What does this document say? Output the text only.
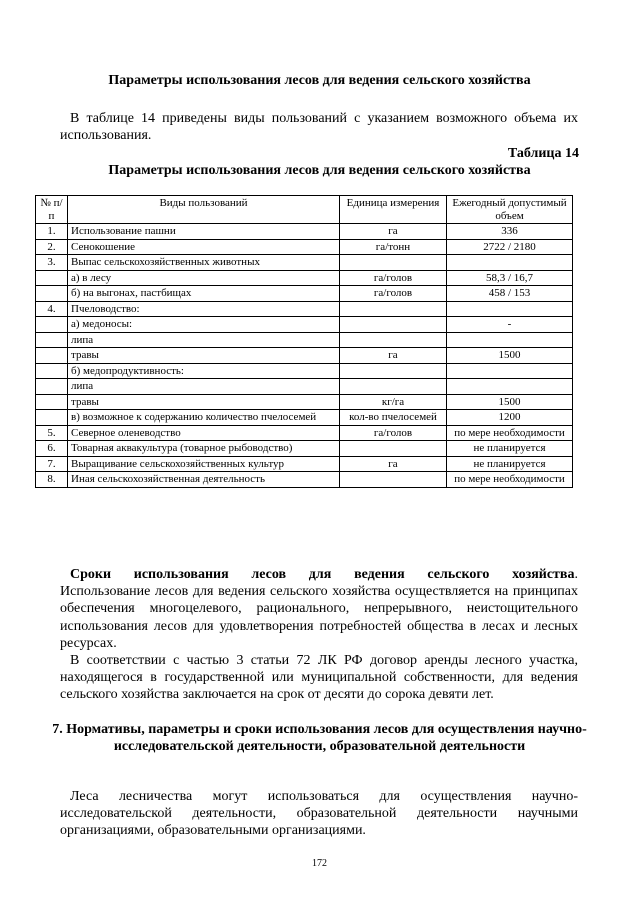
Параметры использования лесов для ведения сельского хозяйства
В таблице 14 приведены виды пользований с указанием возможного объема их использования.
Таблица 14
Параметры использования лесов для ведения сельского хозяйства
№ п/п	Виды пользований	Единица измерения	Ежегодный допустимый объем
1.	Использование пашни	га	336
2.	Сенокошение	га/тонн	2722 / 2180
3.	Выпас сельскохозяйственных животных		
	а) в лесу	га/голов	58,3 / 16,7
	б) на выгонах, пастбищах	га/голов	458 / 153
4.	Пчеловодство:		
	а) медоносы:		-
	липа		
	травы	га	1500
	б) медопродуктивность:		
	липа		
	травы	кг/га	1500
	в) возможное к содержанию количество пчелосемей	кол-во пчелосемей	1200
5.	Северное оленеводство	га/голов	по мере необходимости
6.	Товарная аквакультура (товарное рыбоводство)		не планируется
7.	Выращивание сельскохозяйственных культур	га	не планируется
8.	Иная сельскохозяйственная деятельность		по мере необходимости

Сроки использования лесов для ведения сельского хозяйства. Использование лесов для ведения сельского хозяйства осуществляется на принципах обеспечения многоцелевого, рационального, непрерывного, неистощительного использования лесов для удовлетворения потребностей общества в лесах и лесных ресурсах.

В соответствии с частью 3 статьи 72 ЛК РФ договор аренды лесного участка, находящегося в государственной или муниципальной собственности, для ведения сельского хозяйства заключается на срок от десяти до сорока девяти лет.

7. Нормативы, параметры и сроки использования лесов для осуществления научно-исследовательской деятельности, образовательной деятельности
Леса лесничества могут использоваться для осуществления научно-исследовательской деятельности, образовательной деятельности научными организациями, образовательными организациями.
172
